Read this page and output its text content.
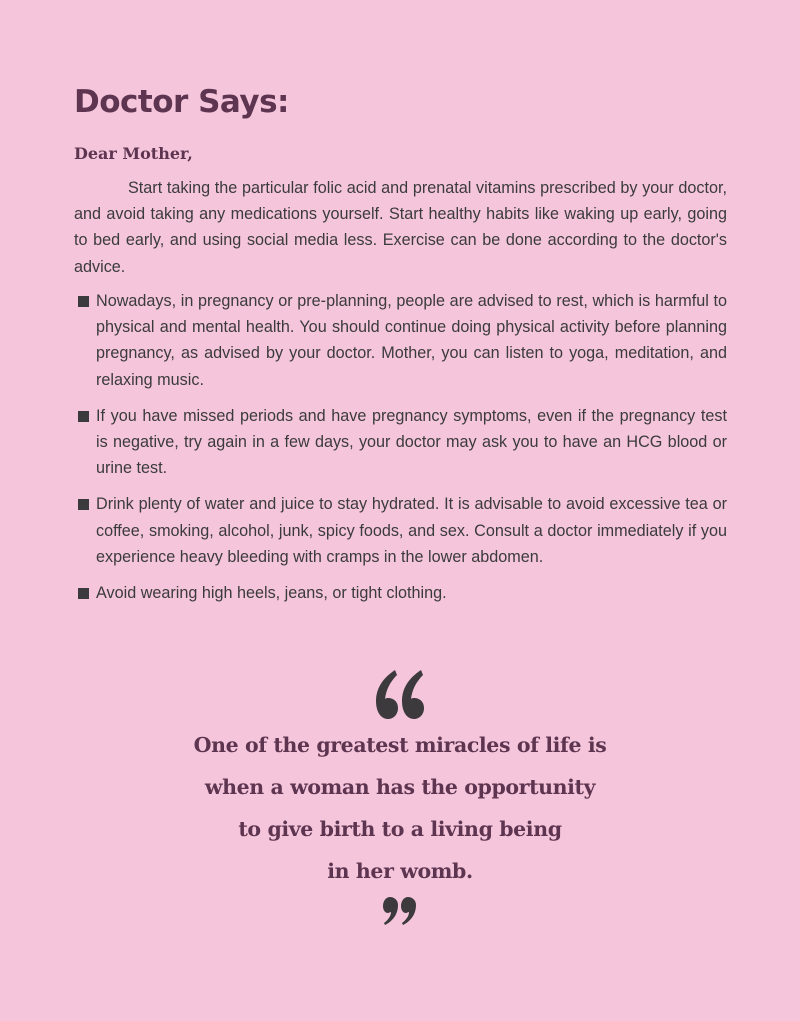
Doctor Says:

Dear Mother,

Start taking the particular folic acid and prenatal vitamins prescribed by your doctor, and avoid taking any medications yourself. Start healthy habits like waking up early, going to bed early, and using social media less. Exercise can be done according to the doctor's advice.

Nowadays, in pregnancy or pre-planning, people are advised to rest, which is harmful to physical and mental health. You should continue doing physical activity before planning pregnancy, as advised by your doctor. Mother, you can listen to yoga, meditation, and relaxing music.
If you have missed periods and have pregnancy symptoms, even if the pregnancy test is negative, try again in a few days, your doctor may ask you to have an HCG blood or urine test.
Drink plenty of water and juice to stay hydrated. It is advisable to avoid excessive tea or coffee, smoking, alcohol, junk, spicy foods, and sex. Consult a doctor immediately if you experience heavy bleeding with cramps in the lower abdomen.
Avoid wearing high heels, jeans, or tight clothing.
One of the greatest miracles of life is
when a woman has the opportunity
to give birth to a living being
in her womb.
